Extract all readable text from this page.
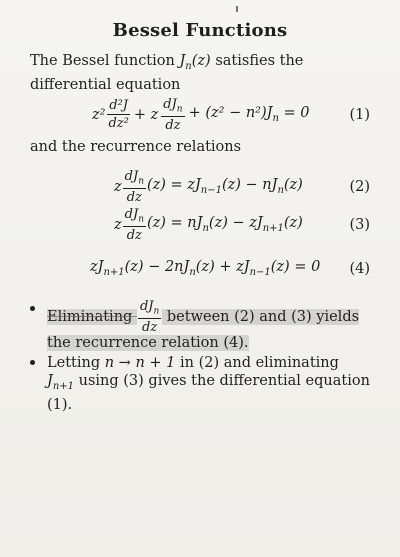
Bessel Functions
The Bessel function $J_n(z)$ satisfies the differential equation
$z^2 \frac{\text{d²J}}{\text{dz²}} + z \frac{dJ_n}{dz} + (z^2 - n^2)J_n = 0$	(1)
and the recurrence relations
z $\frac{dJ_n}{dz} (z) = zJ_{n-1}(z) - nJ_n(z)$	(2)
z $\frac{dJ_n}{dz} (z) = nJ_n(z) - zJ_{n+1}(z)$	(3)
$zJ_{n+1}(z) - 2nJ_n(z) + zJ_{n-1}(z) = 0$ (4)
Eliminating $\frac{dJ_n}{dz}$ between (2) and (3) yields the recurrence relation (4).
Letting n → n + 1 in (2) and eliminating $J_{n+1}$ using (3) gives the differential equation (1).
